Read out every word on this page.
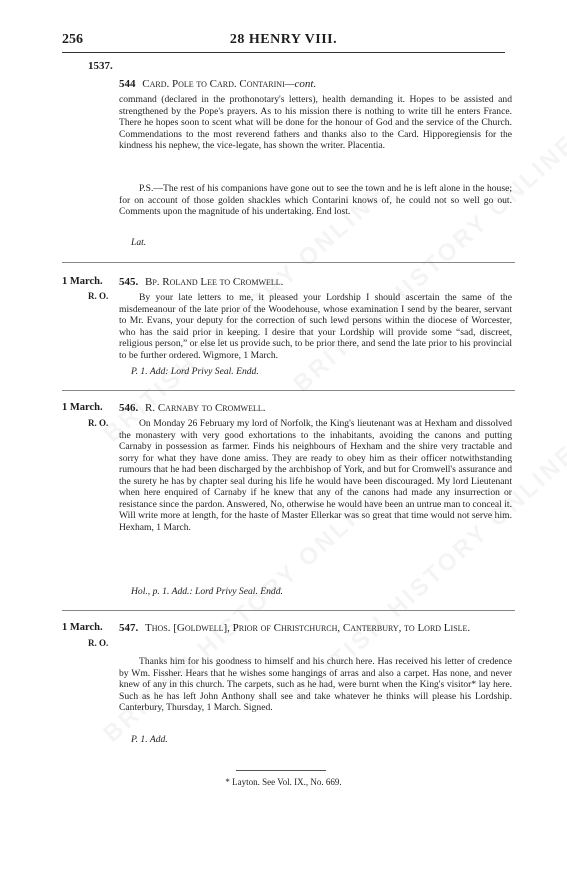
256	28 HENRY VIII.
1537.
544 Card. Pole to Card. Contarini—cont.
command (declared in the prothonotary's letters), health demanding it. Hopes to be assisted and strengthened by the Pope's prayers. As to his mission there is nothing to write till he enters France. There he hopes soon to scent what will be done for the honour of God and the service of the Church. Commendations to the most reverend fathers and thanks also to the Card. Hipporegiensis for the kindness his nephew, the vice-legate, has shown the writer. Placentia.
P.S.—The rest of his companions have gone out to see the town and he is left alone in the house; for on account of those golden shackles which Contarini knows of, he could not so well go out. Comments upon the magnitude of his undertaking. End lost.
Lat.
1 March.
R. O.
545. Bp. Roland Lee to Cromwell.
By your late letters to me, it pleased your Lordship I should ascertain the same of the misdemeanour of the late prior of the Woodehouse, whose examination I send by the bearer, servant to Mr. Evans, your deputy for the correction of such lewd persons within the diocese of Worcester, who has the said prior in keeping. I desire that your Lordship will provide some “sad, discreet, religious person,” or else let us provide such, to be prior there, and send the late prior to his provincial to be further ordered. Wigmore, 1 March.
P. 1. Add: Lord Privy Seal. Endd.
1 March.
R. O.
546. R. Carnaby to Cromwell.
On Monday 26 February my lord of Norfolk, the King's lieutenant was at Hexham and dissolved the monastery with very good exhortations to the inhabitants, avoiding the canons and putting Carnaby in possession as farmer. Finds his neighbours of Hexham and the shire very tractable and sorry for what they have done amiss. They are ready to obey him as their officer notwithstanding rumours that he had been discharged by the archbishop of York, and but for Cromwell's assurance and the surety he has by chapter seal during his life he would have been discouraged. My lord Lieutenant when here enquired of Carnaby if he knew that any of the canons had made any insurrection or resistance since the pardon. Answered, No, otherwise he would have been an untrue man to conceal it. Will write more at length, for the haste of Master Ellerkar was so great that time would not serve him. Hexham, 1 March.
Hol., p. 1. Add.: Lord Privy Seal. Endd.
1 March.
R. O.
547. Thos. [Goldwell], Prior of Christchurch, Canterbury, to Lord Lisle.
Thanks him for his goodness to himself and his church here. Has received his letter of credence by Wm. Fissher. Hears that he wishes some hangings of arras and also a carpet. Has none, and never knew of any in this church. The carpets, such as he had, were burnt when the King's visitor* lay here. Such as he has left John Anthony shall see and take whatever he thinks will please his Lordship. Canterbury, Thursday, 1 March. Signed.
P. 1. Add.
* Layton. See Vol. IX., No. 669.
